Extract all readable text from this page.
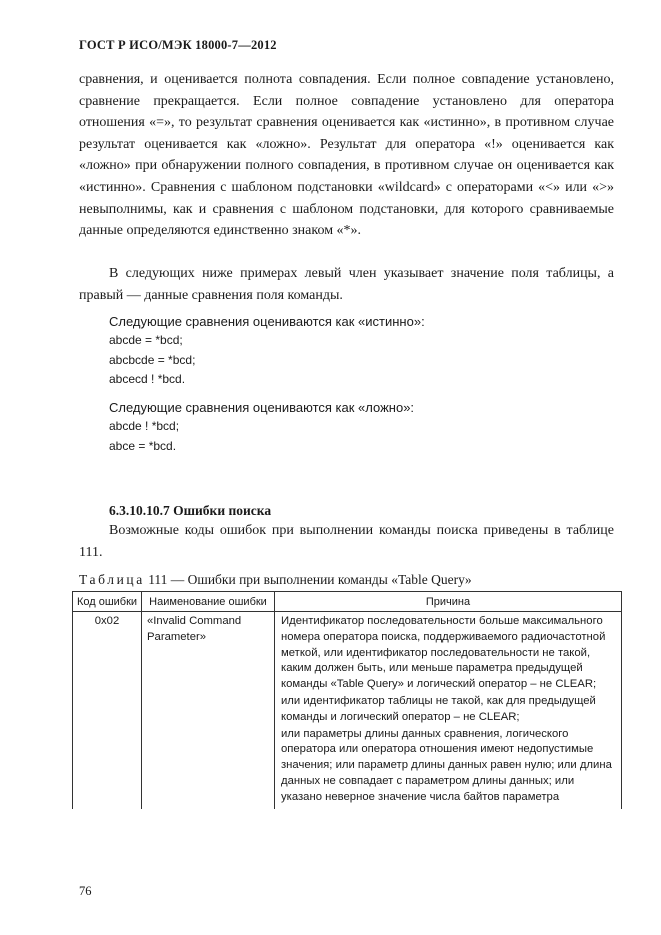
ГОСТ Р ИСО/МЭК 18000-7—2012
сравнения, и оценивается полнота совпадения. Если полное совпадение установлено, сравнение прекращается. Если полное совпадение установлено для оператора отношения «=», то результат сравнения оценивается как «истинно», в противном случае результат оценивается как «ложно». Результат для оператора «!» оценивается как «ложно» при обнаружении полного совпадения, в противном случае он оценивается как «истинно». Сравнения с шаблоном подстановки «wildcard» с операторами «<» или «>» невыполнимы, как и сравнения с шаблоном подстановки, для которого сравниваемые данные определяются единственно знаком «*».
В следующих ниже примерах левый член указывает значение поля таблицы, а правый — данные сравнения поля команды.
Следующие сравнения оцениваются как «истинно»:
abcde = *bcd;
abcbcde = *bcd;
abcecd ! *bcd.
Следующие сравнения оцениваются как «ложно»:
abcde ! *bcd;
abce = *bcd.
6.3.10.10.7 Ошибки поиска
Возможные коды ошибок при выполнении команды поиска приведены в таблице 111.
Таблица 111 — Ошибки при выполнении команды «Table Query»
Код ошибки	Наименование ошибки	Причина
0x02	«Invalid Command Parameter»	Идентификатор последовательности больше максимального номера оператора поиска, поддерживаемого радиочастотной меткой, или идентификатор последовательности не такой, каким должен быть, или меньше параметра предыдущей команды «Table Query» и логический оператор – не CLEAR;
или идентификатор таблицы не такой, как для предыдущей команды и логический оператор – не CLEAR;
или параметры длины данных сравнения, логического оператора или оператора отношения имеют недопустимые значения; или параметр длины данных равен нулю; или длина данных не совпадает с параметром длины данных; или указано неверное значение числа байтов параметра
76
